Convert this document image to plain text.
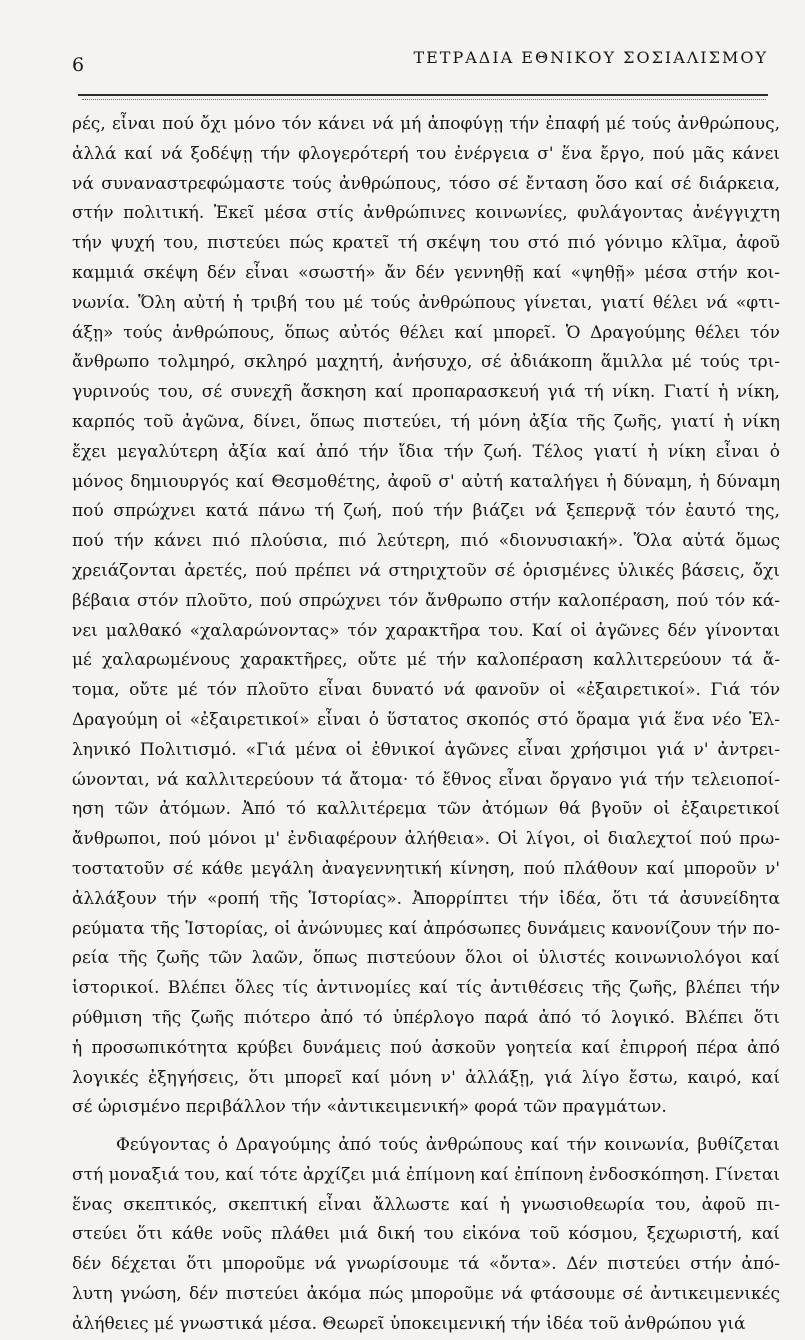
6	ΤΕΤΡΑΔΙΑ ΕΘΝΙΚΟΥ ΣΟΣΙΑΛΙΣΜΟΥ
ρές, εἶναι πού ὄχι μόνο τόν κάνει νά μή ἀποφύγῃ τήν ἐπαφή μέ τούς ἀνθρώπους,
ἀλλά καί νά ξοδέψῃ τήν φλογερότερή του ἐνέργεια σ' ἕνα ἔργο, πού μᾶς κάνει
νά συναναστρεφώμαστε τούς ἀνθρώπους, τόσο σέ ἔνταση ὅσο καί σέ διάρκεια,
στήν πολιτική. Ἐκεῖ μέσα στίς ἀνθρώπινες κοινωνίες, φυλάγοντας ἀνέγγιχτη
τήν ψυχή του, πιστεύει πώς κρατεῖ τή σκέψη του στό πιό γόνιμο κλῖμα, ἀφοῦ
καμμιά σκέψη δέν εἶναι «σωστή» ἄν δέν γεννηθῇ καί «ψηθῇ» μέσα στήν κοι-
νωνία. Ὅλη αὐτή ἡ τριβή του μέ τούς ἀνθρώπους γίνεται, γιατί θέλει νά «φτι-
άξῃ» τούς ἀνθρώπους, ὅπως αὐτός θέλει καί μπορεῖ. Ὁ Δραγούμης θέλει τόν
ἄνθρωπο τολμηρό, σκληρό μαχητή, ἀνήσυχο, σέ ἀδιάκοπη ἅμιλλα μέ τούς τρι-
γυρινούς του, σέ συνεχῆ ἄσκηση καί προπαρασκευή γιά τή νίκη. Γιατί ἡ νίκη,
καρπός τοῦ ἀγῶνα, δίνει, ὅπως πιστεύει, τή μόνη ἀξία τῆς ζωῆς, γιατί ἡ νίκη
ἔχει μεγαλύτερη ἀξία καί ἀπό τήν ἴδια τήν ζωή. Τέλος γιατί ἡ νίκη εἶναι ὁ
μόνος δημιουργός καί Θεσμοθέτης, ἀφοῦ σ' αὐτή καταλήγει ἡ δύναμη, ἡ δύναμη
πού σπρώχνει κατά πάνω τή ζωή, πού τήν βιάζει νά ξεπερνᾷ τόν ἑαυτό της,
πού τήν κάνει πιό πλούσια, πιό λεύτερη, πιό «διονυσιακή». Ὅλα αὐτά ὅμως
χρειάζονται ἀρετές, πού πρέπει νά στηριχτοῦν σέ ὁρισμένες ὑλικές βάσεις, ὄχι
βέβαια στόν πλοῦτο, πού σπρώχνει τόν ἄνθρωπο στήν καλοπέραση, πού τόν κά-
νει μαλθακό «χαλαρώνοντας» τόν χαρακτῆρα του. Καί οἱ ἀγῶνες δέν γίνονται
μέ χαλαρωμένους χαρακτῆρες, οὔτε μέ τήν καλοπέραση καλλιτερεύουν τά ἄ-
τομα, οὔτε μέ τόν πλοῦτο εἶναι δυνατό νά φανοῦν οἱ «ἐξαιρετικοί». Γιά τόν
Δραγούμη οἱ «ἐξαιρετικοί» εἶναι ὁ ὕστατος σκοπός στό ὅραμα γιά ἕνα νέο Ἑλ-
ληνικό Πολιτισμό. «Γιά μένα οἱ ἐθνικοί ἀγῶνες εἶναι χρήσιμοι γιά ν' ἀντρει-
ώνονται, νά καλλιτερεύουν τά ἄτομα· τό ἔθνος εἶναι ὄργανο γιά τήν τελειοποί-
ηση τῶν ἀτόμων. Ἀπό τό καλλιτέρεμα τῶν ἀτόμων θά βγοῦν οἱ ἐξαιρετικοί
ἄνθρωποι, πού μόνοι μ' ἐνδιαφέρουν ἀλήθεια». Οἱ λίγοι, οἱ διαλεχτοί πού πρω-
τοστατοῦν σέ κάθε μεγάλη ἀναγεννητική κίνηση, πού πλάθουν καί μποροῦν ν'
ἀλλάξουν τήν «ροπή τῆς Ἱστορίας». Ἀπορρίπτει τήν ἰδέα, ὅτι τά ἀσυνείδητα
ρεύματα τῆς Ἱστορίας, οἱ ἀνώνυμες καί ἀπρόσωπες δυνάμεις κανονίζουν τήν πο-
ρεία τῆς ζωῆς τῶν λαῶν, ὅπως πιστεύουν ὅλοι οἱ ὑλιστές κοινωνιολόγοι καί
ἱστορικοί. Βλέπει ὅλες τίς ἀντινομίες καί τίς ἀντιθέσεις τῆς ζωῆς, βλέπει τήν
ρύθμιση τῆς ζωῆς πιότερο ἀπό τό ὑπέρλογο παρά ἀπό τό λογικό. Βλέπει ὅτι
ἡ προσωπικότητα κρύβει δυνάμεις πού ἀσκοῦν γοητεία καί ἐπιρροή πέρα ἀπό
λογικές ἐξηγήσεις, ὅτι μπορεῖ καί μόνη ν' ἀλλάξῃ, γιά λίγο ἔστω, καιρό, καί
σέ ὡρισμένο περιβάλλον τήν «ἀντικειμενική» φορά τῶν πραγμάτων.
Φεύγοντας ὁ Δραγούμης ἀπό τούς ἀνθρώπους καί τήν κοινωνία, βυθίζεται
στή μοναξιά του, καί τότε ἀρχίζει μιά ἐπίμονη καί ἐπίπονη ἐνδοσκόπηση. Γίνεται
ἕνας σκεπτικός, σκεπτική εἶναι ἄλλωστε καί ἡ γνωσιοθεωρία του, ἀφοῦ πι-
στεύει ὅτι κάθε νοῦς πλάθει μιά δική του εἰκόνα τοῦ κόσμου, ξεχωριστή, καί
δέν δέχεται ὅτι μποροῦμε νά γνωρίσουμε τά «ὄντα». Δέν πιστεύει στήν ἀπό-
λυτη γνώση, δέν πιστεύει ἀκόμα πώς μποροῦμε νά φτάσουμε σέ ἀντικειμενικές
ἀλήθειες μέ γνωστικά μέσα. Θεωρεῖ ὑποκειμενική τήν ἰδέα τοῦ ἀνθρώπου γιά
